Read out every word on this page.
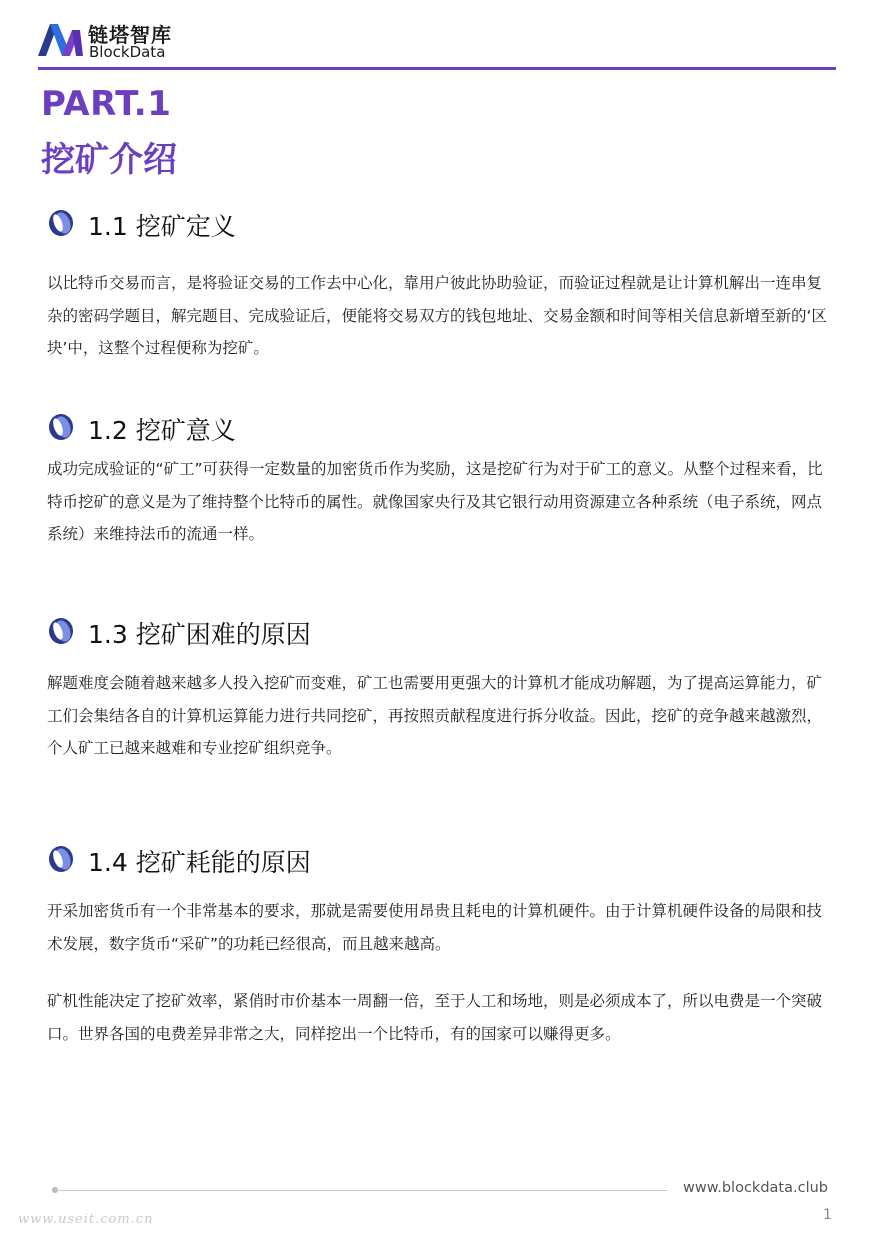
链塔智库
BlockData
PART.1
挖矿介绍
1.1 挖矿定义

以比特币交易而言，是将验证交易的工作去中心化，靠用户彼此协助验证，而验证过程就是让计算机解出一连串复杂的密码学题目，解完题目、完成验证后，便能将交易双方的钱包地址、交易金额和时间等相关信息新增至新的‘区块’中，这整个过程便称为挖矿。

1.2 挖矿意义

成功完成验证的“矿工”可获得一定数量的加密货币作为奖励，这是挖矿行为对于矿工的意义。从整个过程来看，比特币挖矿的意义是为了维持整个比特币的属性。就像国家央行及其它银行动用资源建立各种系统（电子系统，网点系统）来维持法币的流通一样。

1.3 挖矿困难的原因

解题难度会随着越来越多人投入挖矿而变难，矿工也需要用更强大的计算机才能成功解题，为了提高运算能力，矿工们会集结各自的计算机运算能力进行共同挖矿，再按照贡献程度进行拆分收益。因此，挖矿的竞争越来越激烈，个人矿工已越来越难和专业挖矿组织竞争。

1.4 挖矿耗能的原因

开采加密货币有一个非常基本的要求，那就是需要使用昂贵且耗电的计算机硬件。由于计算机硬件设备的局限和技术发展，数字货币“采矿”的功耗已经很高，而且越来越高。

矿机性能决定了挖矿效率，紧俏时市价基本一周翻一倍，至于人工和场地，则是必须成本了，所以电费是一个突破口。世界各国的电费差异非常之大，同样挖出一个比特币，有的国家可以赚得更多。

www.blockdata.club
1
www.useit.com.cn
